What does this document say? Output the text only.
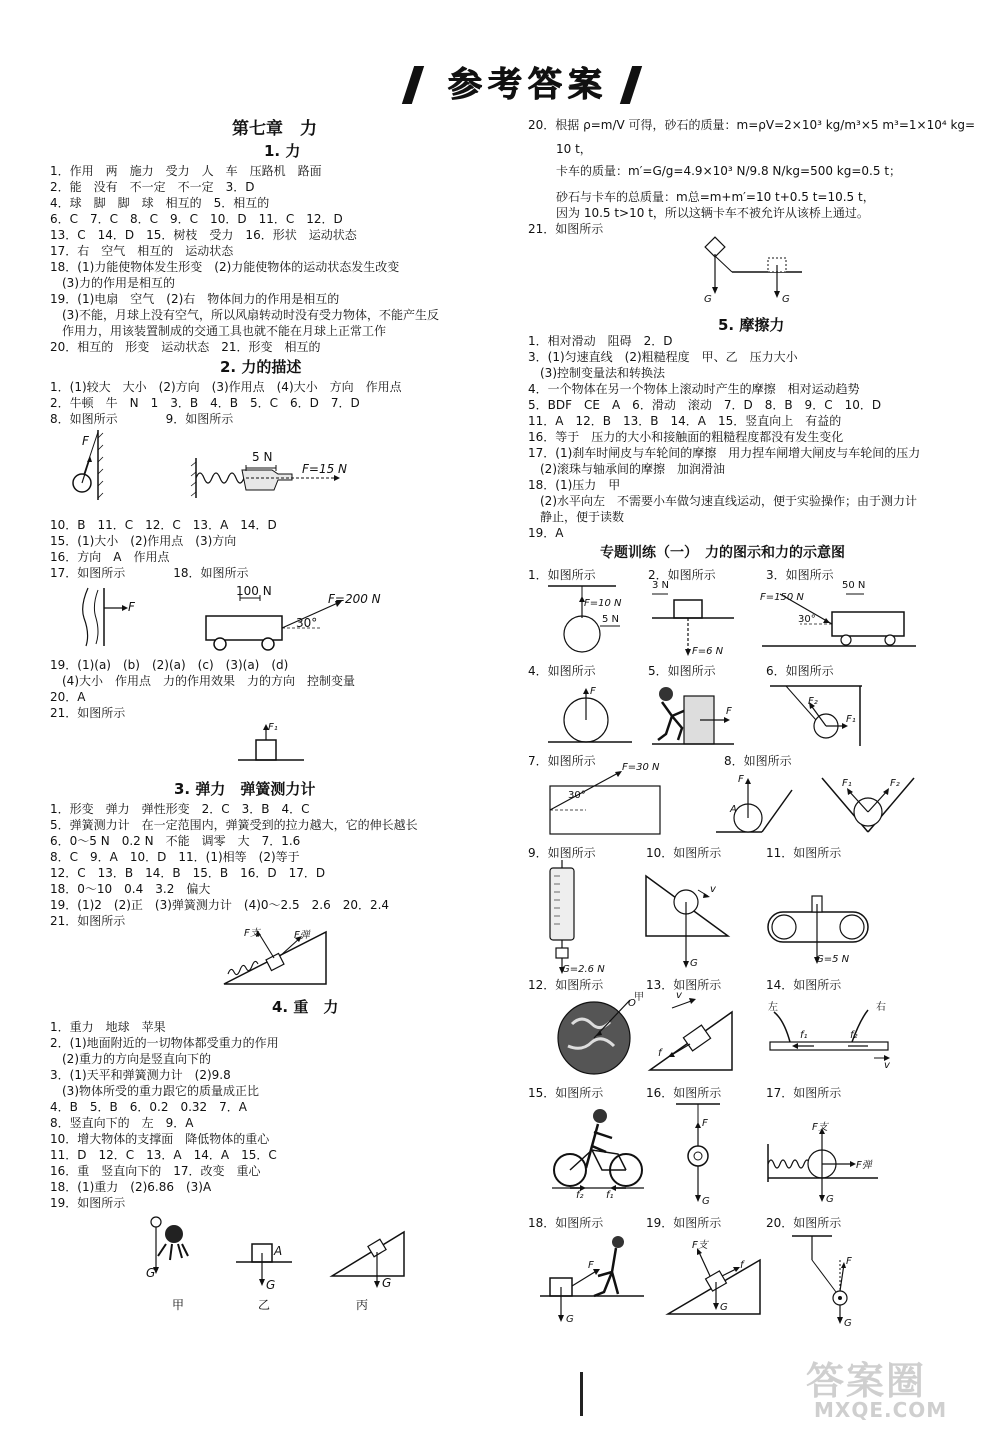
参考答案
第七章　力
1. 力
1．作用　两　施力　受力　人　车　压路机　路面
2．能　没有　不一定　不一定　3．D
4．球　脚　脚　球　相互的　5．相互的
6．C　7．C　8．C　9．C　10．D　11．C　12．D
13．C　14．D　15．树枝　受力　16．形状　运动状态
17．右　空气　相互的　运动状态
18．(1)力能使物体发生形变　(2)力能使物体的运动状态发生改变
　(3)力的作用是相互的
19．(1)电扇　空气　(2)右　物体间力的作用是相互的
　(3)不能，月球上没有空气，所以风扇转动时没有受力物体，不能产生反
　作用力，用该装置制成的交通工具也就不能在月球上正常工作
20．相互的　形变　运动状态　21．形变　相互的
2. 力的描述
1．(1)较大　大小　(2)方向　(3)作用点　(4)大小　方向　作用点
2．牛顿　牛　N　1　3．B　4．B　5．C　6．D　7．D
8．如图所示　　　　9．如图所示
F
5 N
F=15 N
10．B　11．C　12．C　13．A　14．D
15．(1)大小　(2)作用点　(3)方向
16．方向　A　作用点
17．如图所示　　　　18．如图所示
F
100 N
F=200 N
30°
19．(1)(a)　(b)　(2)(a)　(c)　(3)(a)　(d)
　(4)大小　作用点　力的作用效果　力的方向　控制变量
20．A
21．如图所示
F₁
3. 弹力　弹簧测力计
1．形变　弹力　弹性形变　2．C　3．B　4．C
5．弹簧测力计　在一定范围内，弹簧受到的拉力越大，它的伸长越长
6．0～5 N　0.2 N　不能　调零　大　7．1.6
8．C　9．A　10．D　11．(1)相等　(2)等于
12．C　13．B　14．B　15．B　16．D　17．D
18．0～10　0.4　3.2　偏大
19．(1)2　(2)正　(3)弹簧测力计　(4)0～2.5　2.6　20．2.4
21．如图所示
F支	F弹
4. 重　力
1．重力　地球　苹果
2．(1)地面附近的一切物体都受重力的作用
　(2)重力的方向是竖直向下的
3．(1)天平和弹簧测力计　(2)9.8
　(3)物体所受的重力跟它的质量成正比
4．B　5．B　6．0.2　0.32　7．A
8．竖直向下的　左　9．A
10．增大物体的支撑面　降低物体的重心
11．D　12．C　13．A　14．A　15．C
16．重　竖直向下的　17．改变　重心
18．(1)重力　(2)6.86　(3)A
19．如图所示
G
A
G	G
甲	乙	丙
20．根据 ρ=m/V 可得，砂石的质量：m=ρV=2×10³ kg/m³×5 m³=1×10⁴ kg=
10 t，
卡车的质量：m′=G/g=4.9×10³ N/9.8 N/kg=500 kg=0.5 t；
砂石与卡车的总质量：m总=m+m′=10 t+0.5 t=10.5 t，
因为 10.5 t>10 t，所以这辆卡车不被允许从该桥上通过。
21．如图所示
G	G
5. 摩擦力
1．相对滑动　阻碍　2．D
3．(1)匀速直线　(2)粗糙程度　甲、乙　压力大小
　(3)控制变量法和转换法
4．一个物体在另一个物体上滚动时产生的摩擦　相对运动趋势
5．BDF　CE　A　6．滑动　滚动　7．D　8．B　9．C　10．D
11．A　12．B　13．B　14．A　15．竖直向上　有益的
16．等于　压力的大小和接触面的粗糙程度都没有发生变化
17．(1)刹车时闸皮与车轮间的摩擦　用力捏车闸增大闸皮与车轮间的压力
　(2)滚珠与轴承间的摩擦　加润滑油
18．(1)压力　甲
　(2)水平向左　不需要小车做匀速直线运动，便于实验操作；由于测力计
　静止，便于读数
19．A
专题训练（一）　力的图示和力的示意图
1．如图所示	2．如图所示	3．如图所示
F=10 N
5 N
3 N
F=6 N
F=150 N
50 N
30°
4．如图所示	5．如图所示	6．如图所示
F
F
F₂
F₁
7．如图所示	8．如图所示
F=30 N
30°
F
A
F₁	F₂
9．如图所示	10．如图所示	11．如图所示
G=2.6 N
v
G	G=5 N
12．如图所示	13．如图所示	14．如图所示
甲
O
v
f
左	右
f₁	f₂
v
15．如图所示	16．如图所示	17．如图所示
f₂ f₁
F
G
F支
F弹
G
18．如图所示	19．如图所示	20．如图所示
F
G
F支
f
G
F
G
答案圈
MXQE.COM
